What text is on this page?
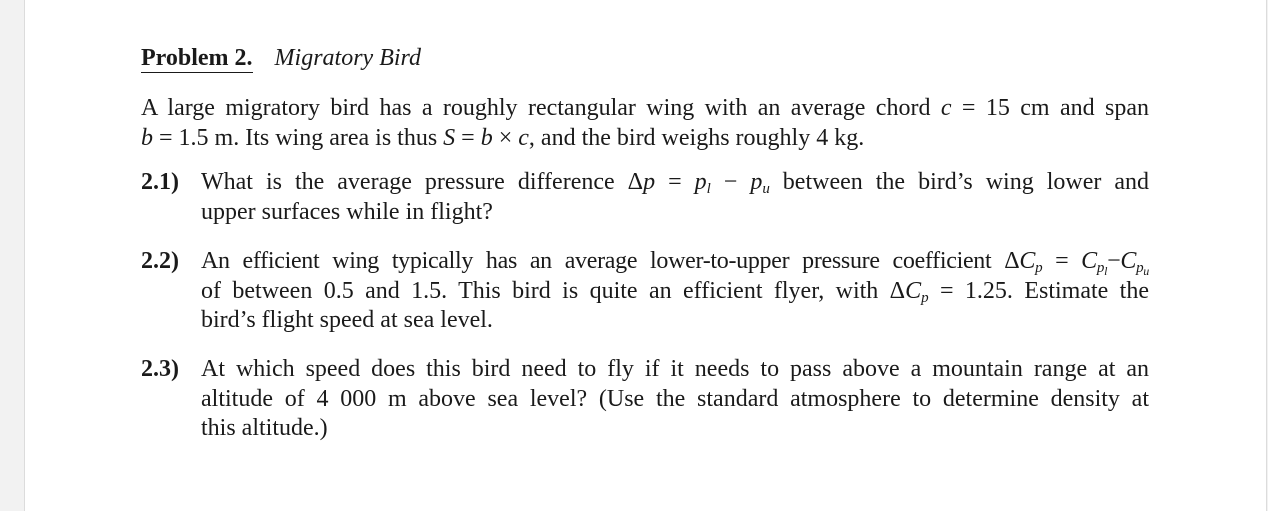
Problem 2. Migratory Bird
A large migratory bird has a roughly rectangular wing with an average chord c = 15 cm and span
b = 1.5 m. Its wing area is thus S = b × c, and the bird weighs roughly 4 kg.
2.1) What is the average pressure difference $\Delta p = p_l - p_u$ between the bird’s wing lower and
upper surfaces while in flight?
2.2) An efficient wing typically has an average lower-to-upper pressure coefficient $\Delta C_p = C_{p_l}-C_{p_u}$
of between 0.5 and 1.5. This bird is quite an efficient flyer, with $\Delta C_p = 1.25$. Estimate the
bird’s flight speed at sea level.
2.3) At which speed does this bird need to fly if it needs to pass above a mountain range at an
altitude of 4 000 m above sea level? (Use the standard atmosphere to determine density at
this altitude.)
